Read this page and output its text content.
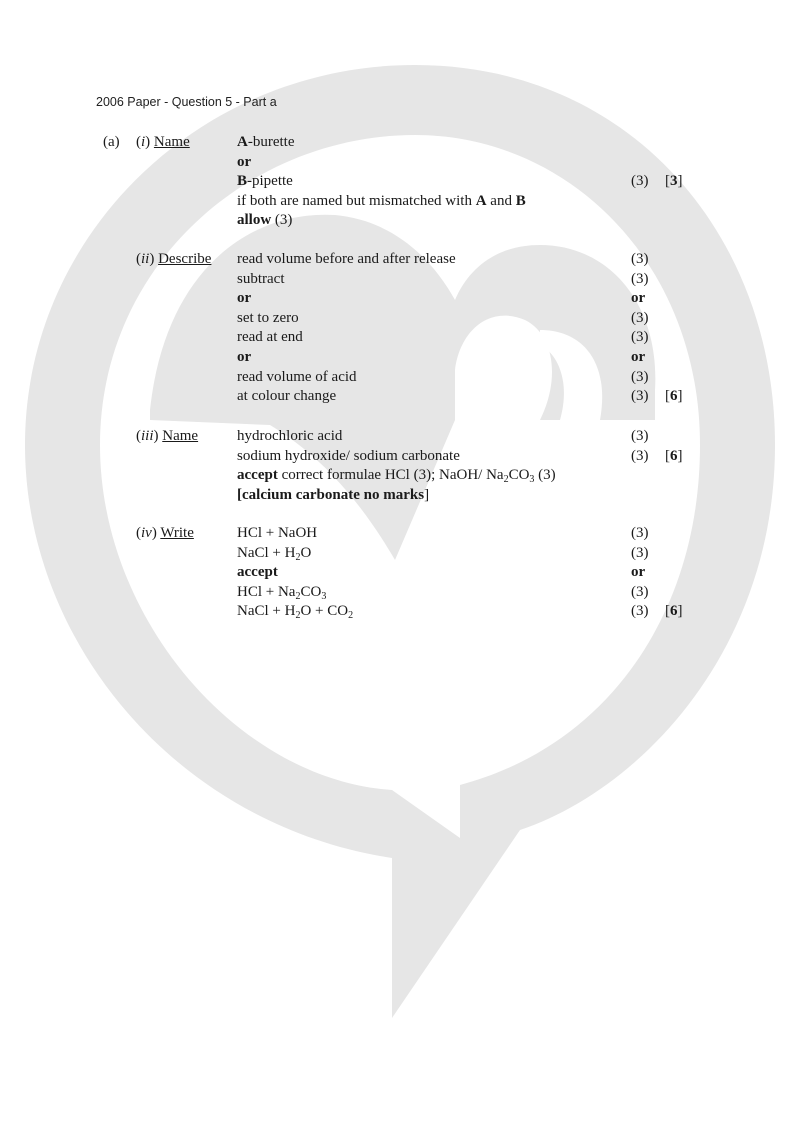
2006 Paper - Question 5 - Part a
(a) (i) Name	A-burette
or
B-pipette	(3) [3]
if both are named but mismatched with A and B
allow (3)
(ii) Describe read volume before and after release	(3)
subtract	(3)
or	or
set to zero	(3)
read at end	(3)
or	or
read volume of acid	(3)
at colour change	(3) [6]
(iii) Name	hydrochloric acid	(3)
sodium hydroxide/ sodium carbonate	(3) [6]
accept correct formulae HCl (3); NaOH/ $Na_2CO_3$ (3)
[calcium carbonate no marks]
(iv) Write	HCl + NaOH	(3)
NaCl + $H_2O$	(3)
accept	or
HCl + $Na_2CO_3$	(3)
NaCl + $H_2O + CO_2$	(3) [6]
